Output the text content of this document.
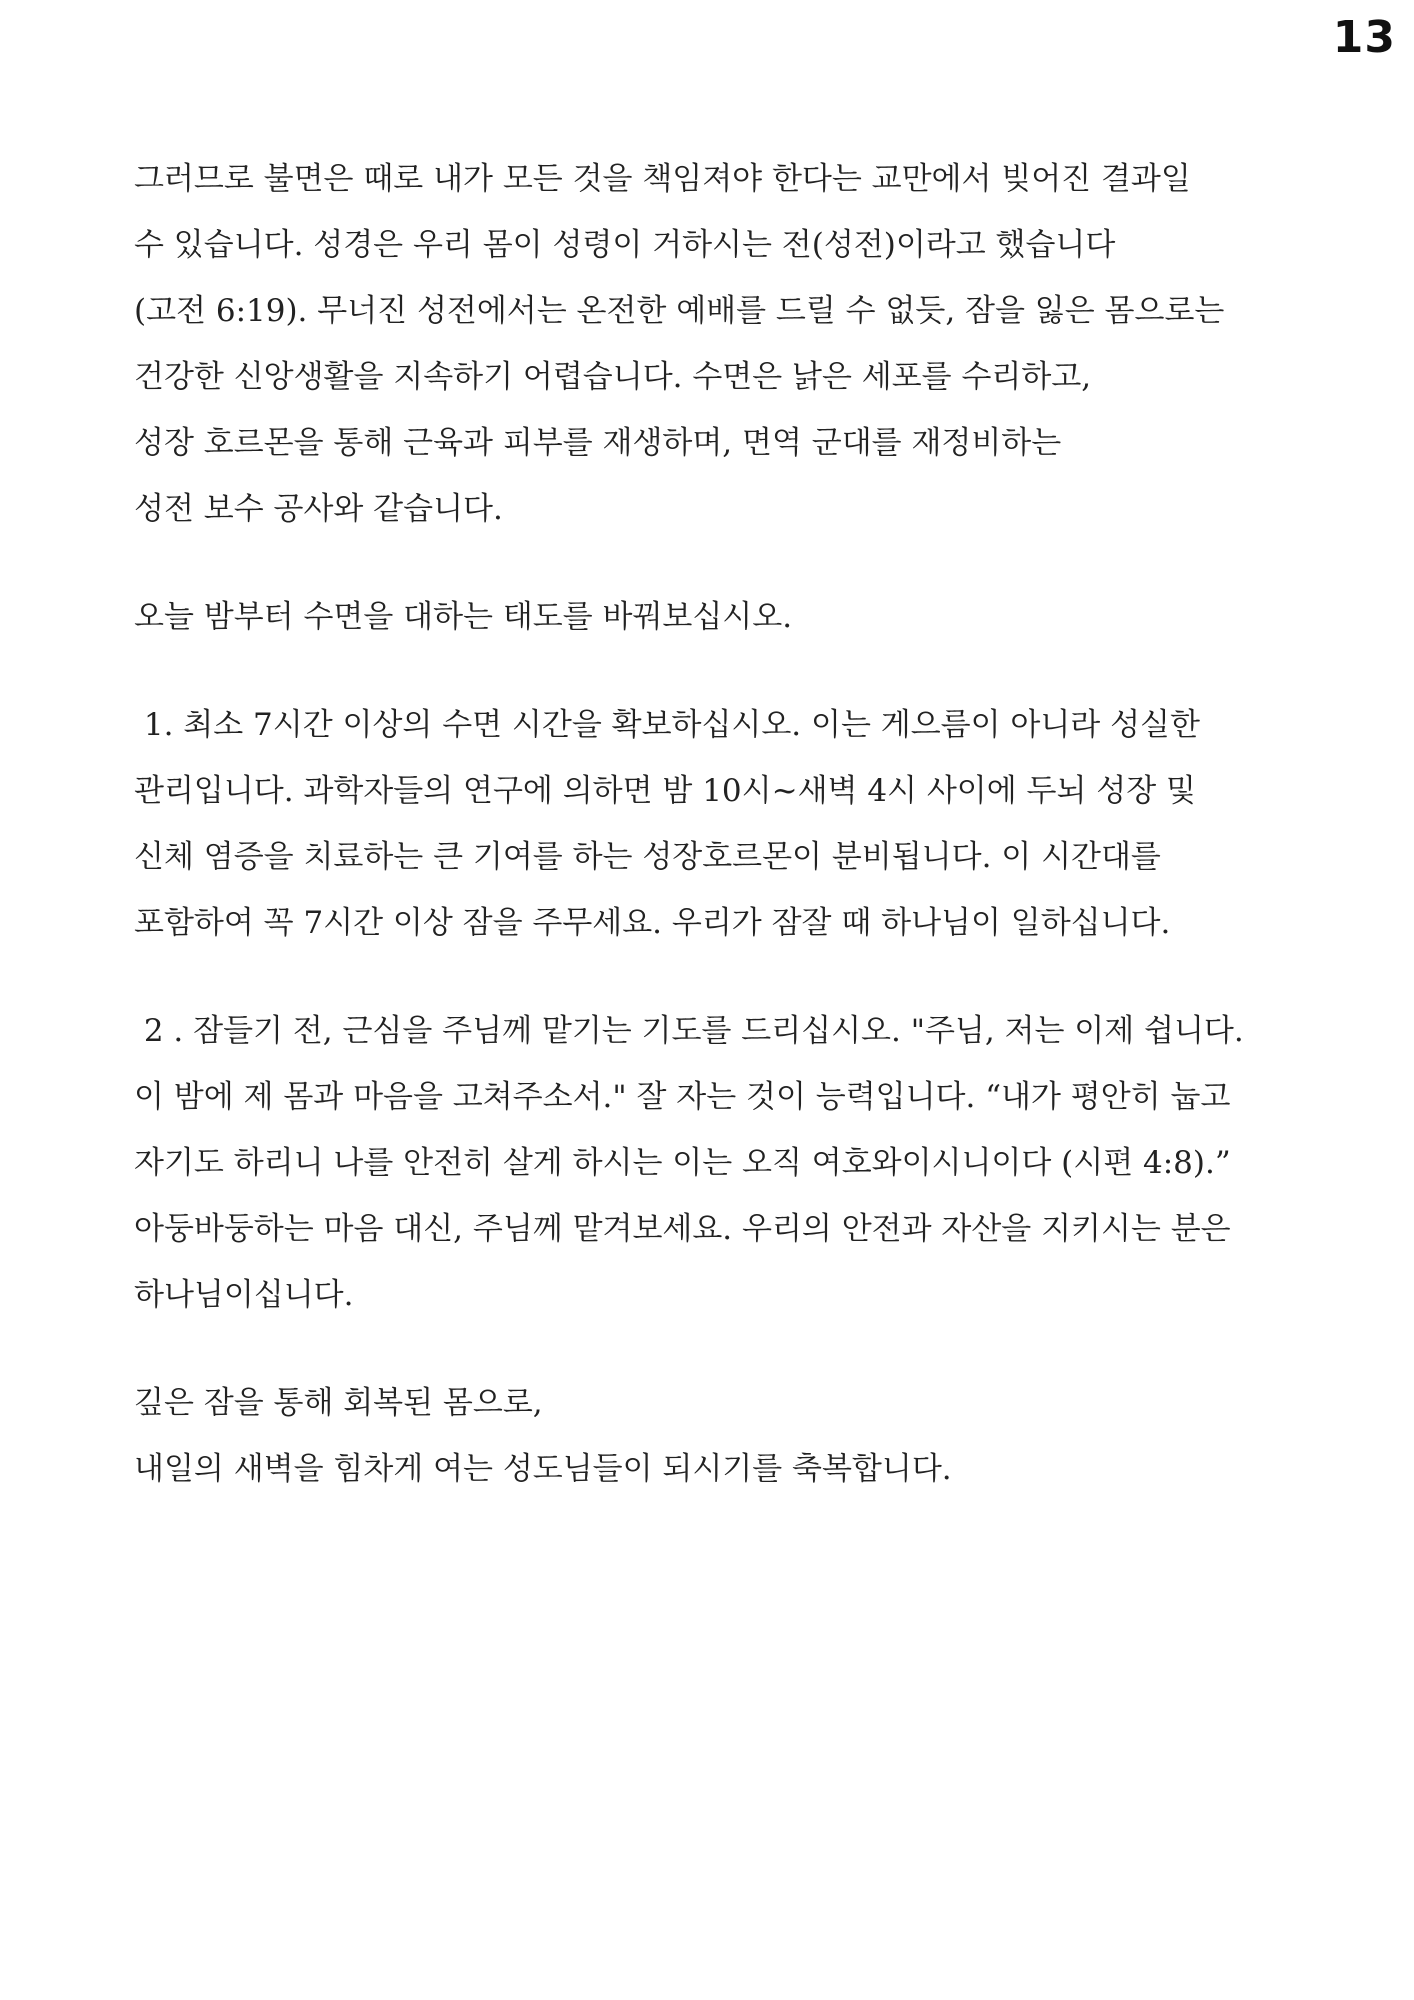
13
그러므로 불면은 때로 내가 모든 것을 책임져야 한다는 교만에서 빚어진 결과일
수 있습니다. 성경은 우리 몸이 성령이 거하시는 전(성전)이라고 했습니다
(고전 6:19). 무너진 성전에서는 온전한 예배를 드릴 수 없듯, 잠을 잃은 몸으로는
건강한 신앙생활을 지속하기 어렵습니다. 수면은 낡은 세포를 수리하고,
성장 호르몬을 통해 근육과 피부를 재생하며, 면역 군대를 재정비하는
성전 보수 공사와 같습니다.
오늘 밤부터 수면을 대하는 태도를 바꿔보십시오.
1. 최소 7시간 이상의 수면 시간을 확보하십시오. 이는 게으름이 아니라 성실한
관리입니다. 과학자들의 연구에 의하면 밤 10시~새벽 4시 사이에 두뇌 성장 및
신체 염증을 치료하는 큰 기여를 하는 성장호르몬이 분비됩니다. 이 시간대를
포함하여 꼭 7시간 이상 잠을 주무세요. 우리가 잠잘 때 하나님이 일하십니다.
2 . 잠들기 전, 근심을 주님께 맡기는 기도를 드리십시오. "주님, 저는 이제 쉽니다.
이 밤에 제 몸과 마음을 고쳐주소서." 잘 자는 것이 능력입니다. “내가 평안히 눕고
자기도 하리니 나를 안전히 살게 하시는 이는 오직 여호와이시니이다 (시편 4:8).”
아둥바둥하는 마음 대신, 주님께 맡겨보세요. 우리의 안전과 자산을 지키시는 분은
하나님이십니다.
깊은 잠을 통해 회복된 몸으로,
내일의 새벽을 힘차게 여는 성도님들이 되시기를 축복합니다.
